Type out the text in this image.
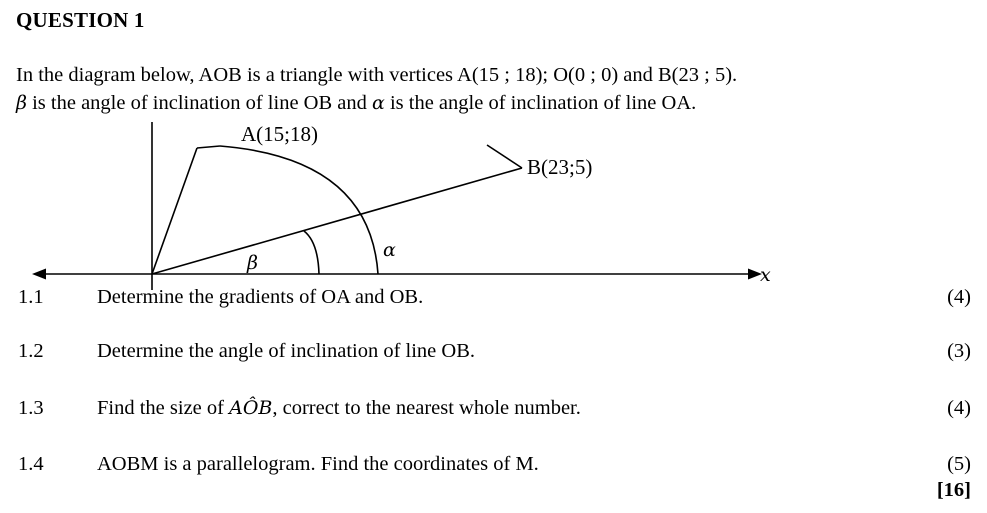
QUESTION 1
In the diagram below, AOB is a triangle with vertices A(15 ; 18); O(0 ; 0) and B(23 ; 5).
β is the angle of inclination of line OB and α is the angle of inclination of line OA.
x
A(15;18)
B(23;5)
α
β
1.1	Determine the gradients of OA and OB.	(4)
1.2	Determine the angle of inclination of line OB.	(3)
1.3	Find the size of AÔB, correct to the nearest whole number.	(4)
1.4	AOBM is a parallelogram. Find the coordinates of M.	(5)
[16]
